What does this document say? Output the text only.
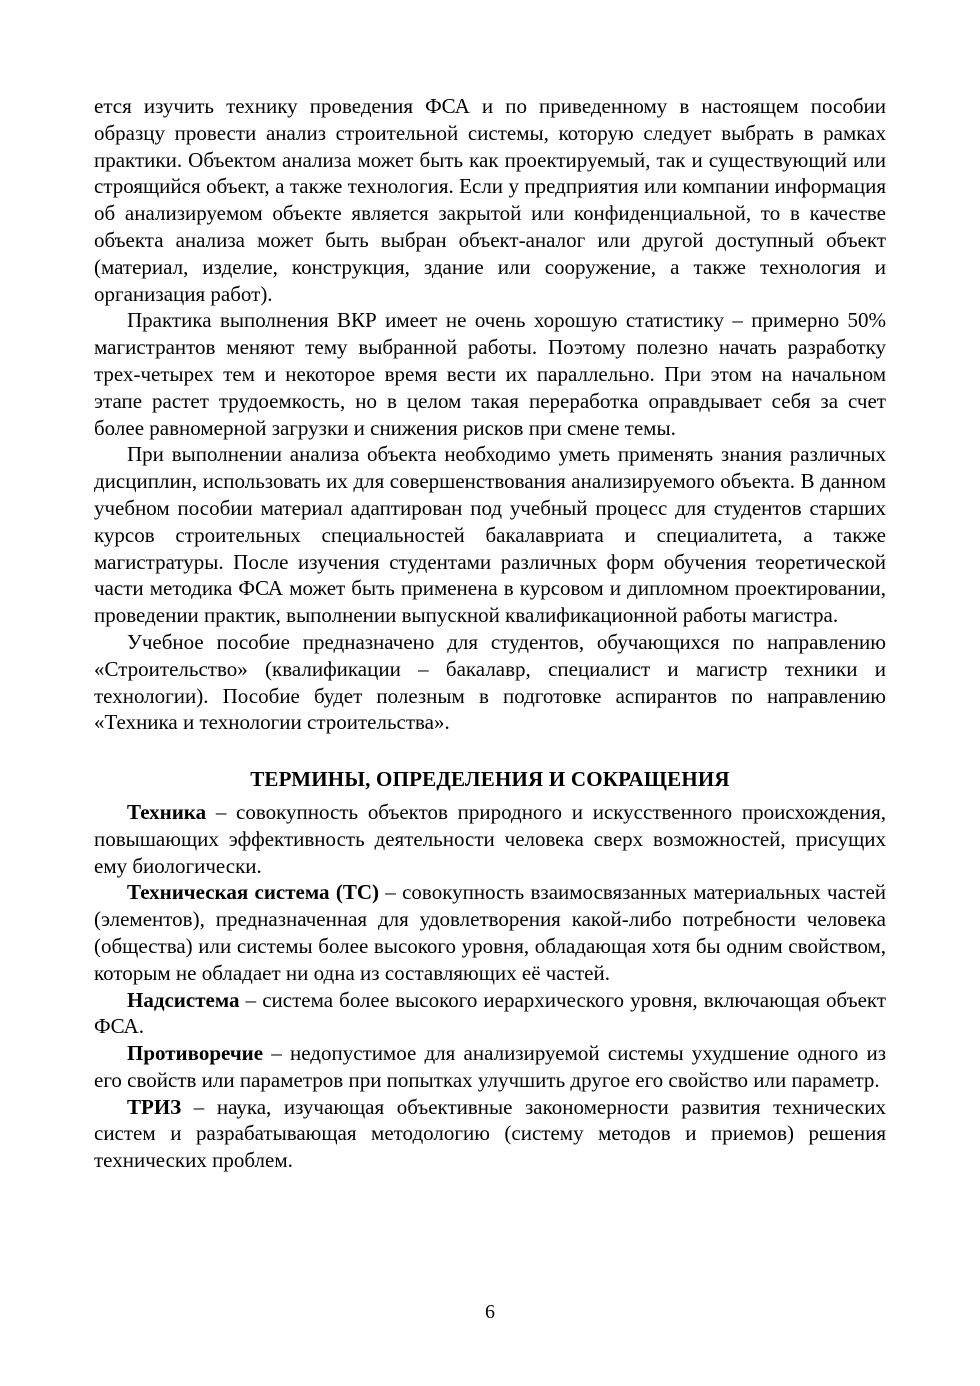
ется изучить технику проведения ФСА и по приведенному в настоящем пособии образцу провести анализ строительной системы, которую следует выбрать в рамках практики. Объектом анализа может быть как проектируемый, так и существующий или строящийся объект, а также технология. Если у предприятия или компании информация об анализируемом объекте является закрытой или конфиденциальной, то в качестве объекта анализа может быть выбран объект-аналог или другой доступный объект (материал, изделие, конструкция, здание или сооружение, а также технология и организация работ).

Практика выполнения ВКР имеет не очень хорошую статистику – примерно 50% магистрантов меняют тему выбранной работы. Поэтому полезно начать разработку трех-четырех тем и некоторое время вести их параллельно. При этом на начальном этапе растет трудоемкость, но в целом такая переработка оправдывает себя за счет более равномерной загрузки и снижения рисков при смене темы.

При выполнении анализа объекта необходимо уметь применять знания различных дисциплин, использовать их для совершенствования анализируемого объекта. В данном учебном пособии материал адаптирован под учебный процесс для студентов старших курсов строительных специальностей бакалавриата и специалитета, а также магистратуры. После изучения студентами различных форм обучения теоретической части методика ФСА может быть применена в курсовом и дипломном проектировании, проведении практик, выполнении выпускной квалификационной работы магистра.

Учебное пособие предназначено для студентов, обучающихся по направлению «Строительство» (квалификации – бакалавр, специалист и магистр техники и технологии). Пособие будет полезным в подготовке аспирантов по направлению «Техника и технологии строительства».

ТЕРМИНЫ, ОПРЕДЕЛЕНИЯ И СОКРАЩЕНИЯ

Техника – совокупность объектов природного и искусственного происхождения, повышающих эффективность деятельности человека сверх возможностей, присущих ему биологически.

Техническая система (ТС) – совокупность взаимосвязанных материальных частей (элементов), предназначенная для удовлетворения какой-либо потребности человека (общества) или системы более высокого уровня, обладающая хотя бы одним свойством, которым не обладает ни одна из составляющих её частей.

Надсистема – система более высокого иерархического уровня, включающая объект ФСА.

Противоречие – недопустимое для анализируемой системы ухудшение одного из его свойств или параметров при попытках улучшить другое его свойство или параметр.

ТРИЗ – наука, изучающая объективные закономерности развития технических систем и разрабатывающая методологию (систему методов и приемов) решения технических проблем.

6
